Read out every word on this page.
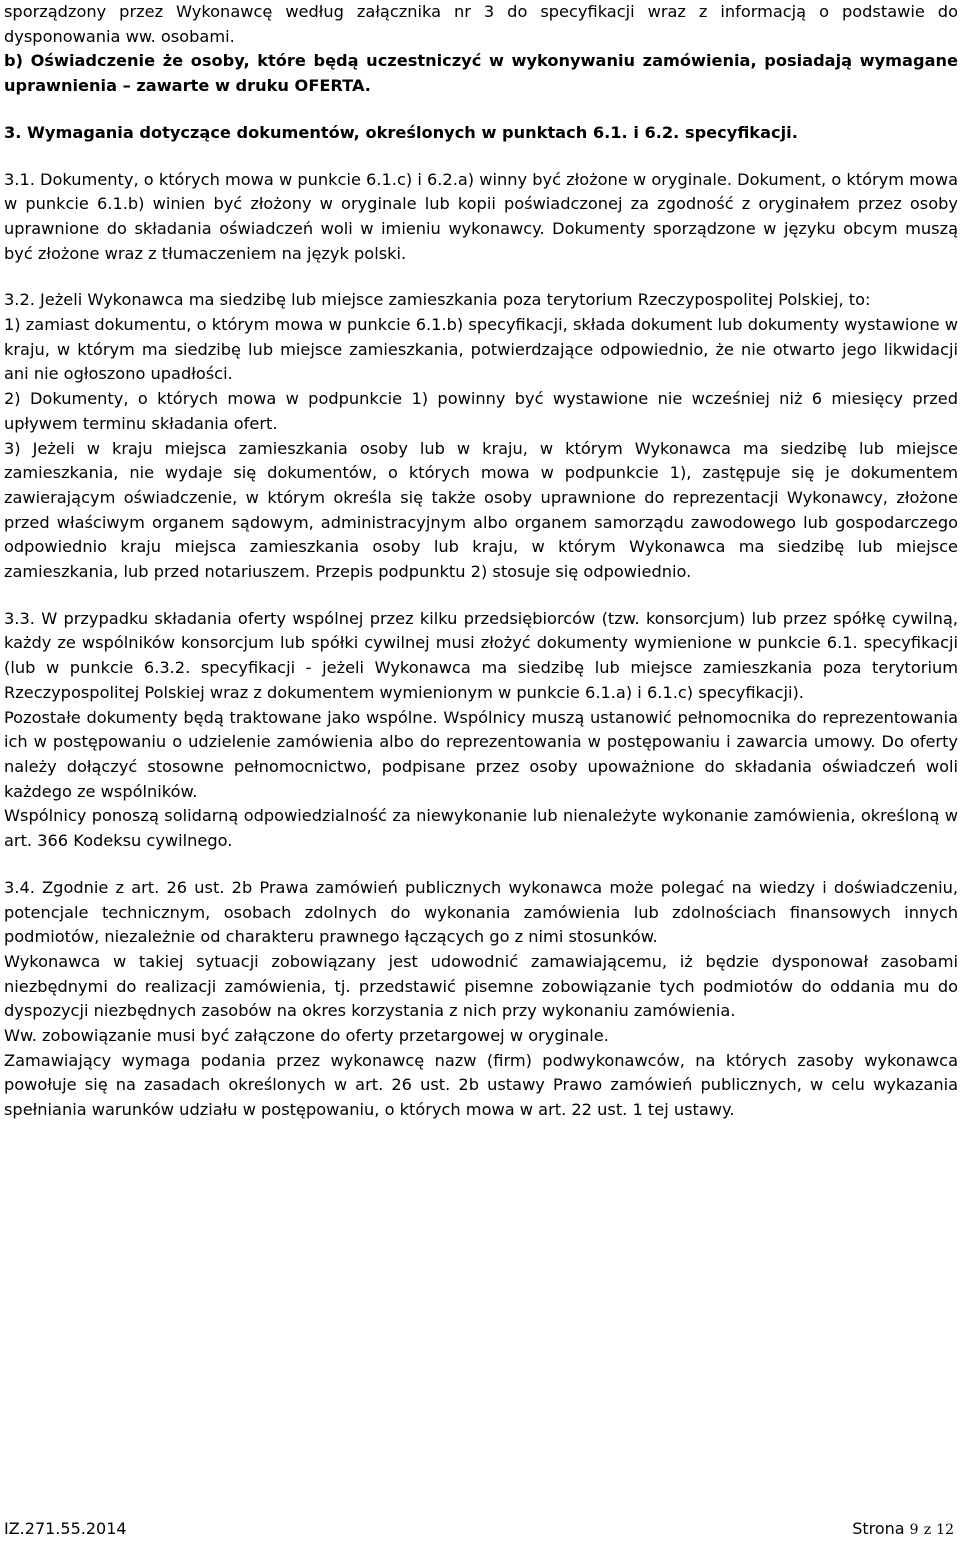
sporządzony przez Wykonawcę według załącznika nr 3 do specyfikacji wraz z informacją o podstawie do dysponowania ww. osobami.

b) Oświadczenie że osoby, które będą uczestniczyć w wykonywaniu zamówienia, posiadają wymagane uprawnienia – zawarte w druku OFERTA.

3. Wymagania dotyczące dokumentów, określonych w punktach 6.1. i 6.2. specyfikacji.

3.1. Dokumenty, o których mowa w punkcie 6.1.c) i 6.2.a) winny być złożone w oryginale. Dokument, o którym mowa w punkcie 6.1.b) winien być złożony w oryginale lub kopii poświadczonej za zgodność z oryginałem przez osoby uprawnione do składania oświadczeń woli w imieniu wykonawcy. Dokumenty sporządzone w języku obcym muszą być złożone wraz z tłumaczeniem na język polski.

3.2. Jeżeli Wykonawca ma siedzibę lub miejsce zamieszkania poza terytorium Rzeczypospolitej Polskiej, to:

1) zamiast dokumentu, o którym mowa w punkcie 6.1.b) specyfikacji, składa dokument lub dokumenty wystawione w kraju, w którym ma siedzibę lub miejsce zamieszkania, potwierdzające odpowiednio, że nie otwarto jego likwidacji ani nie ogłoszono upadłości.

2) Dokumenty, o których mowa w podpunkcie 1) powinny być wystawione nie wcześniej niż 6 miesięcy przed upływem terminu składania ofert.

3) Jeżeli w kraju miejsca zamieszkania osoby lub w kraju, w którym Wykonawca ma siedzibę lub miejsce zamieszkania, nie wydaje się dokumentów, o których mowa w podpunkcie 1), zastępuje się je dokumentem zawierającym oświadczenie, w którym określa się także osoby uprawnione do reprezentacji Wykonawcy, złożone przed właściwym organem sądowym, administracyjnym albo organem samorządu zawodowego lub gospodarczego odpowiednio kraju miejsca zamieszkania osoby lub kraju, w którym Wykonawca ma siedzibę lub miejsce zamieszkania, lub przed notariuszem. Przepis podpunktu 2) stosuje się odpowiednio.

3.3. W przypadku składania oferty wspólnej przez kilku przedsiębiorców (tzw. konsorcjum) lub przez spółkę cywilną, każdy ze wspólników konsorcjum lub spółki cywilnej musi złożyć dokumenty wymienione w punkcie 6.1. specyfikacji (lub w punkcie 6.3.2. specyfikacji - jeżeli Wykonawca ma siedzibę lub miejsce zamieszkania poza terytorium Rzeczypospolitej Polskiej wraz z dokumentem wymienionym w punkcie 6.1.a) i 6.1.c) specyfikacji).

Pozostałe dokumenty będą traktowane jako wspólne. Wspólnicy muszą ustanowić pełnomocnika do reprezentowania ich w postępowaniu o udzielenie zamówienia albo do reprezentowania w postępowaniu i zawarcia umowy. Do oferty należy dołączyć stosowne pełnomocnictwo, podpisane przez osoby upoważnione do składania oświadczeń woli każdego ze wspólników.

Wspólnicy ponoszą solidarną odpowiedzialność za niewykonanie lub nienależyte wykonanie zamówienia, określoną w art. 366 Kodeksu cywilnego.

3.4. Zgodnie z art. 26 ust. 2b Prawa zamówień publicznych wykonawca może polegać na wiedzy i doświadczeniu, potencjale technicznym, osobach zdolnych do wykonania zamówienia lub zdolnościach finansowych innych podmiotów, niezależnie od charakteru prawnego łączących go z nimi stosunków.

Wykonawca w takiej sytuacji zobowiązany jest udowodnić zamawiającemu, iż będzie dysponował zasobami niezbędnymi do realizacji zamówienia, tj. przedstawić pisemne zobowiązanie tych podmiotów do oddania mu do dyspozycji niezbędnych zasobów na okres korzystania z nich przy wykonaniu zamówienia.

Ww. zobowiązanie musi być załączone do oferty przetargowej w oryginale.

Zamawiający wymaga podania przez wykonawcę nazw (firm) podwykonawców, na których zasoby wykonawca powołuje się na zasadach określonych w art. 26 ust. 2b ustawy Prawo zamówień publicznych, w celu wykazania spełniania warunków udziału w postępowaniu, o których mowa w art. 22 ust. 1 tej ustawy.

IZ.271.55.2014	Strona 9 z 12
